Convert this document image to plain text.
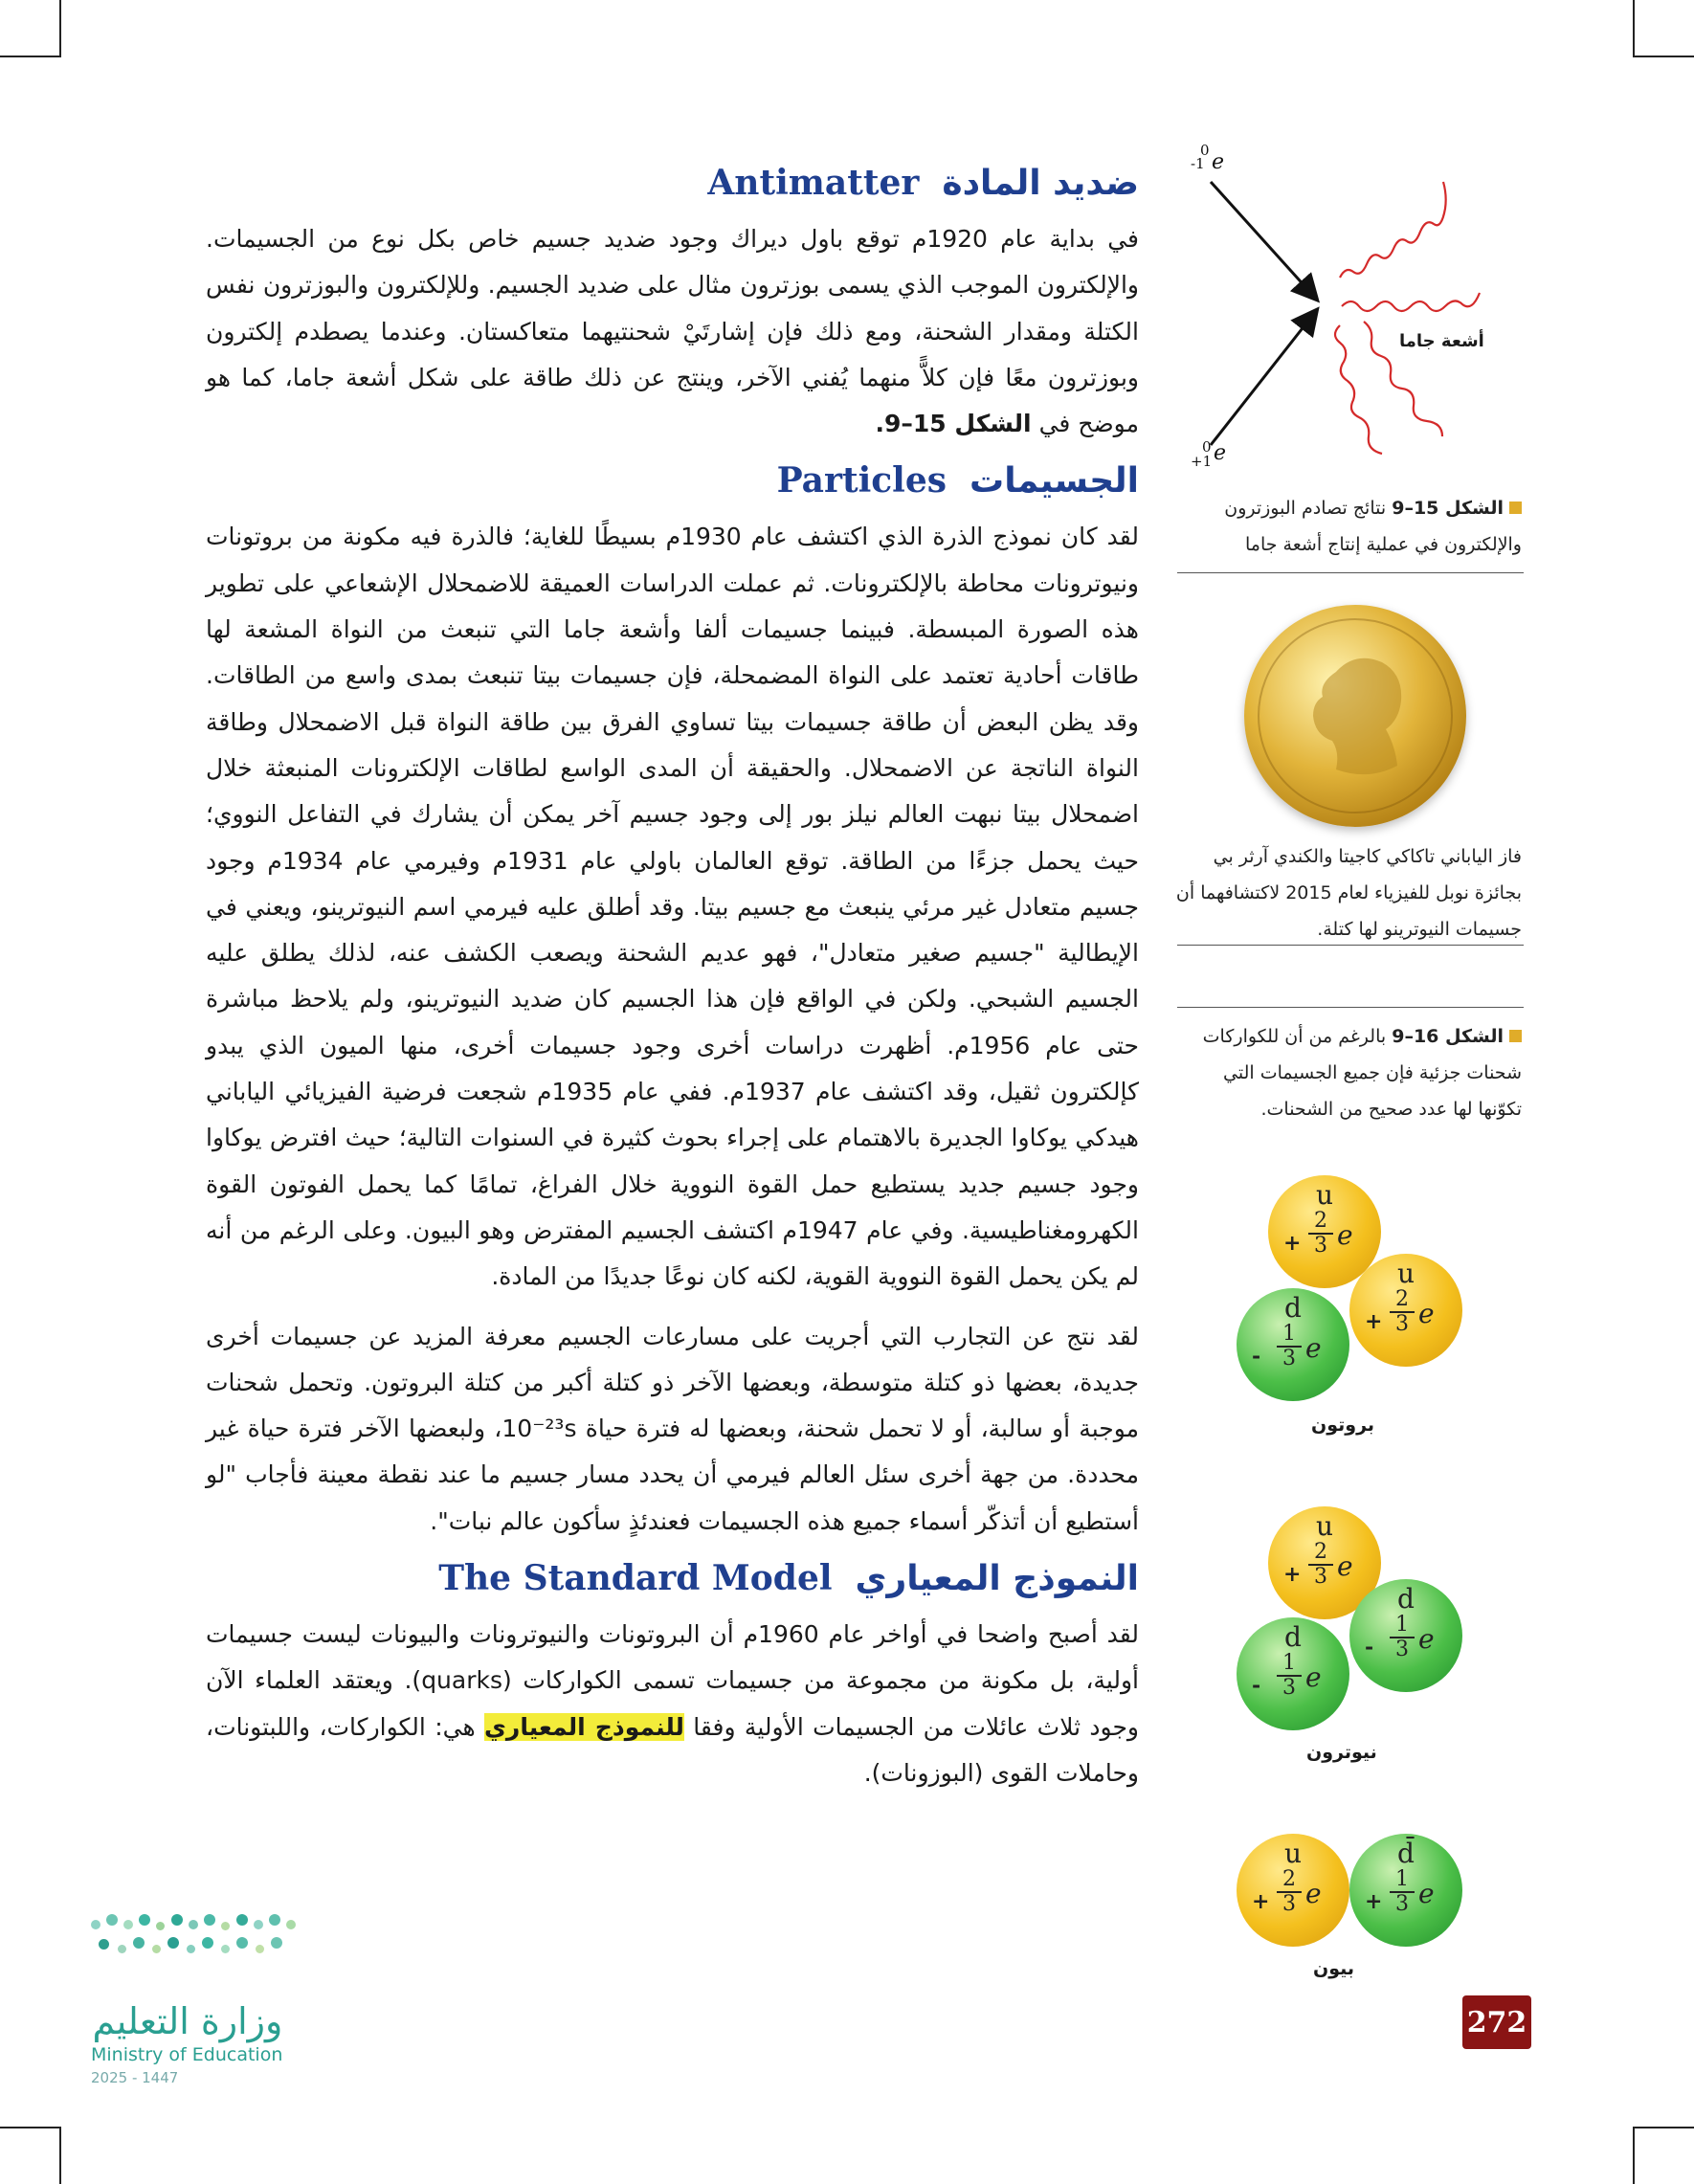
ضديد المادة
Antimatter

في بداية عام 1920م توقع باول ديراك وجود ضديد جسيم خاص بكل نوع من الجسيمات. والإلكترون الموجب الذي يسمى بوزترون مثال على ضديد الجسيم. وللإلكترون والبوزترون نفس الكتلة ومقدار الشحنة، ومع ذلك فإن إشارتَيْ شحنتيهما متعاكستان. وعندما يصطدم إلكترون وبوزترون معًا فإن كلاًّ منهما يُفني الآخر، وينتج عن ذلك طاقة على شكل أشعة جاما، كما هو موضح في الشكل 15–9.

الجسيمات
Particles

لقد كان نموذج الذرة الذي اكتشف عام 1930م بسيطًا للغاية؛ فالذرة فيه مكونة من بروتونات ونيوترونات محاطة بالإلكترونات. ثم عملت الدراسات العميقة للاضمحلال الإشعاعي على تطوير هذه الصورة المبسطة. فبينما جسيمات ألفا وأشعة جاما التي تنبعث من النواة المشعة لها طاقات أحادية تعتمد على النواة المضمحلة، فإن جسيمات بيتا تنبعث بمدى واسع من الطاقات. وقد يظن البعض أن طاقة جسيمات بيتا تساوي الفرق بين طاقة النواة قبل الاضمحلال وطاقة النواة الناتجة عن الاضمحلال. والحقيقة أن المدى الواسع لطاقات الإلكترونات المنبعثة خلال اضمحلال بيتا نبهت العالم نيلز بور إلى وجود جسيم آخر يمكن أن يشارك في التفاعل النووي؛ حيث يحمل جزءًا من الطاقة. توقع العالمان باولي عام 1931م وفيرمي عام 1934م وجود جسيم متعادل غير مرئي ينبعث مع جسيم بيتا. وقد أطلق عليه فيرمي اسم النيوترينو، ويعني في الإيطالية "جسيم صغير متعادل"، فهو عديم الشحنة ويصعب الكشف عنه، لذلك يطلق عليه الجسيم الشبحي. ولكن في الواقع فإن هذا الجسيم كان ضديد النيوترينو، ولم يلاحظ مباشرة حتى عام 1956م. أظهرت دراسات أخرى وجود جسيمات أخرى، منها الميون الذي يبدو كإلكترون ثقيل، وقد اكتشف عام 1937م. ففي عام 1935م شجعت فرضية الفيزيائي الياباني هيدكي يوكاوا الجديرة بالاهتمام على إجراء بحوث كثيرة في السنوات التالية؛ حيث افترض يوكاوا وجود جسيم جديد يستطيع حمل القوة النووية خلال الفراغ، تمامًا كما يحمل الفوتون القوة الكهرومغناطيسية. وفي عام 1947م اكتشف الجسيم المفترض وهو البيون. وعلى الرغم من أنه لم يكن يحمل القوة النووية القوية، لكنه كان نوعًا جديدًا من المادة.

لقد نتج عن التجارب التي أجريت على مسارعات الجسيم معرفة المزيد عن جسيمات أخرى جديدة، بعضها ذو كتلة متوسطة، وبعضها الآخر ذو كتلة أكبر من كتلة البروتون. وتحمل شحنات موجبة أو سالبة، أو لا تحمل شحنة، وبعضها له فترة حياة 10⁻²³s، ولبعضها الآخر فترة حياة غير محددة. من جهة أخرى سئل العالم فيرمي أن يحدد مسار جسيم ما عند نقطة معينة فأجاب "لو أستطيع أن أتذكّر أسماء جميع هذه الجسيمات فعندئذٍ سأكون عالم نبات".

النموذج المعياري
The Standard Model

لقد أصبح واضحا في أواخر عام 1960م أن البروتونات والنيوترونات والبيونات ليست جسيمات أولية، بل مكونة من مجموعة من جسيمات تسمى الكواركات (quarks). ويعتقد العلماء الآن وجود ثلاث عائلات من الجسيمات الأولية وفقا للنموذج المعياري هي: الكواركات، واللبتونات، وحاملات القوى (البوزونات).

0
-1 e
0
+1 e
أشعة جاما
الشكل 15–9 نتائج تصادم البوزترون والإلكترون في عملية إنتاج أشعة جاما
فاز الياباني تاكاكي كاجيتا والكندي آرثر بي بجائزة نوبل للفيزياء لعام 2015 لاكتشافهما أن جسيمات النيوترينو لها كتلة.
الشكل 16–9 بالرغم من أن للكواركات شحنات جزئية فإن جميع الجسيمات التي تكوّنها لها عدد صحيح من الشحنات.
u
+
2
3 e
d
-
1
3 e
u
+
2
3 e
بروتون
u
+
2
3 e
d
-
1
3 e
d
-
1
3 e
نيوترون
u
+
2
3 e
d̄
+
1
3 e
بيون
272
وزارة التعليم
Ministry of Education
2025 - 1447
